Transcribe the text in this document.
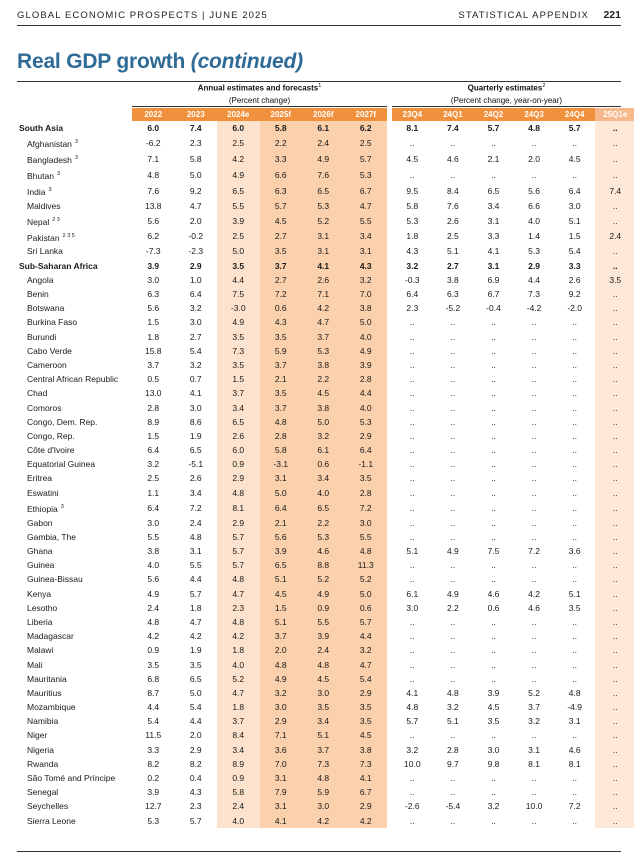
GLOBAL ECONOMIC PROSPECTS | JUNE 2025	STATISTICAL APPENDIX 221
Real GDP growth (continued)
Annual estimates and forecasts$^1$
(Percent change)
Quarterly estimates$^2$
(Percent change, year-on-year)
	2022	2023	2024e	2025f	2026f	2027f		23Q4	24Q1	24Q2	24Q3	24Q4	25Q1e
South Asia	6.0	7.4	6.0	5.8	6.1	6.2		8.1	7.4	5.7	4.8	5.7	..
Afghanistan $^3$	-6.2	2.3	2.5	2.2	2.4	2.5		..	..	..	..	..	..
Bangladesh $^3$	7.1	5.8	4.2	3.3	4.9	5.7		4.5	4.6	2.1	2.0	4.5	..
Bhutan $^3$	4.8	5.0	4.9	6.6	7.6	5.3		..	..	..	..	..	..
India $^3$	7.6	9.2	6.5	6.3	6.5	6.7		9.5	8.4	6.5	5.6	6.4	7.4
Maldives	13.8	4.7	5.5	5.7	5.3	4.7		5.8	7.6	3.4	6.6	3.0	..
Nepal $^{2 3}$	5.6	2.0	3.9	4.5	5.2	5.5		5.3	2.6	3.1	4.0	5.1	..
Pakistan $^{2 3 5}$	6.2	-0.2	2.5	2.7	3.1	3.4		1.8	2.5	3.3	1.4	1.5	2.4
Sri Lanka	-7.3	-2.3	5.0	3.5	3.1	3.1		4.3	5.1	4.1	5.3	5.4	..
Sub-Saharan Africa	3.9	2.9	3.5	3.7	4.1	4.3		3.2	2.7	3.1	2.9	3.3	..
Angola	3.0	1.0	4.4	2.7	2.6	3.2		-0.3	3.8	6.9	4.4	2.6	3.5
Benin	6.3	6.4	7.5	7.2	7.1	7.0		6.4	6.3	6.7	7.3	9.2	..
Botswana	5.6	3.2	-3.0	0.6	4.2	3.8		2.3	-5.2	-0.4	-4.2	-2.0	..
Burkina Faso	1.5	3.0	4.9	4.3	4.7	5.0		..	..	..	..	..	..
Burundi	1.8	2.7	3.5	3.5	3.7	4.0		..	..	..	..	..	..
Cabo Verde	15.8	5.4	7.3	5.9	5.3	4.9		..	..	..	..	..	..
Cameroon	3.7	3.2	3.5	3.7	3.8	3.9		..	..	..	..	..	..
Central African Republic	0.5	0.7	1.5	2.1	2.2	2.8		..	..	..	..	..	..
Chad	13.0	4.1	3.7	3.5	4.5	4.4		..	..	..	..	..	..
Comoros	2.8	3.0	3.4	3.7	3.8	4.0		..	..	..	..	..	..
Congo, Dem. Rep.	8.9	8.6	6.5	4.8	5.0	5.3		..	..	..	..	..	..
Congo, Rep.	1.5	1.9	2.6	2.8	3.2	2.9		..	..	..	..	..	..
Côte d'Ivoire	6.4	6.5	6.0	5.8	6.1	6.4		..	..	..	..	..	..
Equatorial Guinea	3.2	-5.1	0.9	-3.1	0.6	-1.1		..	..	..	..	..	..
Eritrea	2.5	2.6	2.9	3.1	3.4	3.5		..	..	..	..	..	..
Eswatini	1.1	3.4	4.8	5.0	4.0	2.8		..	..	..	..	..	..
Ethiopia $^3$	6.4	7.2	8.1	6.4	6.5	7.2		..	..	..	..	..	..
Gabon	3.0	2.4	2.9	2.1	2.2	3.0		..	..	..	..	..	..
Gambia, The	5.5	4.8	5.7	5.6	5.3	5.5		..	..	..	..	..	..
Ghana	3.8	3.1	5.7	3.9	4.6	4.8		5.1	4.9	7.5	7.2	3.6	..
Guinea	4.0	5.5	5.7	6.5	8.8	11.3		..	..	..	..	..	..
Guinea-Bissau	5.6	4.4	4.8	5.1	5.2	5.2		..	..	..	..	..	..
Kenya	4.9	5.7	4.7	4.5	4.9	5.0		6.1	4.9	4.6	4.2	5.1	..
Lesotho	2.4	1.8	2.3	1.5	0.9	0.6		3.0	2.2	0.6	4.6	3.5	..
Liberia	4.8	4.7	4.8	5.1	5.5	5.7		..	..	..	..	..	..
Madagascar	4.2	4.2	4.2	3.7	3.9	4.4		..	..	..	..	..	..
Malawi	0.9	1.9	1.8	2.0	2.4	3.2		..	..	..	..	..	..
Mali	3.5	3.5	4.0	4.8	4.8	4.7		..	..	..	..	..	..
Mauritania	6.8	6.5	5.2	4.9	4.5	5.4		..	..	..	..	..	..
Mauritius	8.7	5.0	4.7	3.2	3.0	2.9		4.1	4.8	3.9	5.2	4.8	..
Mozambique	4.4	5.4	1.8	3.0	3.5	3.5		4.8	3.2	4.5	3.7	-4.9	..
Namibia	5.4	4.4	3.7	2.9	3.4	3.5		5.7	5.1	3.5	3.2	3.1	..
Niger	11.5	2.0	8.4	7.1	5.1	4.5		..	..	..	..	..	..
Nigeria	3.3	2.9	3.4	3.6	3.7	3.8		3.2	2.8	3.0	3.1	4.6	..
Rwanda	8.2	8.2	8.9	7.0	7.3	7.3		10.0	9.7	9.8	8.1	8.1	..
São Tomé and Príncipe	0.2	0.4	0.9	3.1	4.8	4.1		..	..	..	..	..	..
Senegal	3.9	4.3	5.8	7.9	5.9	6.7		..	..	..	..	..	..
Seychelles	12.7	2.3	2.4	3.1	3.0	2.9		-2.6	-5.4	3.2	10.0	7.2	..
Sierra Leone	5.3	5.7	4.0	4.1	4.2	4.2		..	..	..	..	..	..
